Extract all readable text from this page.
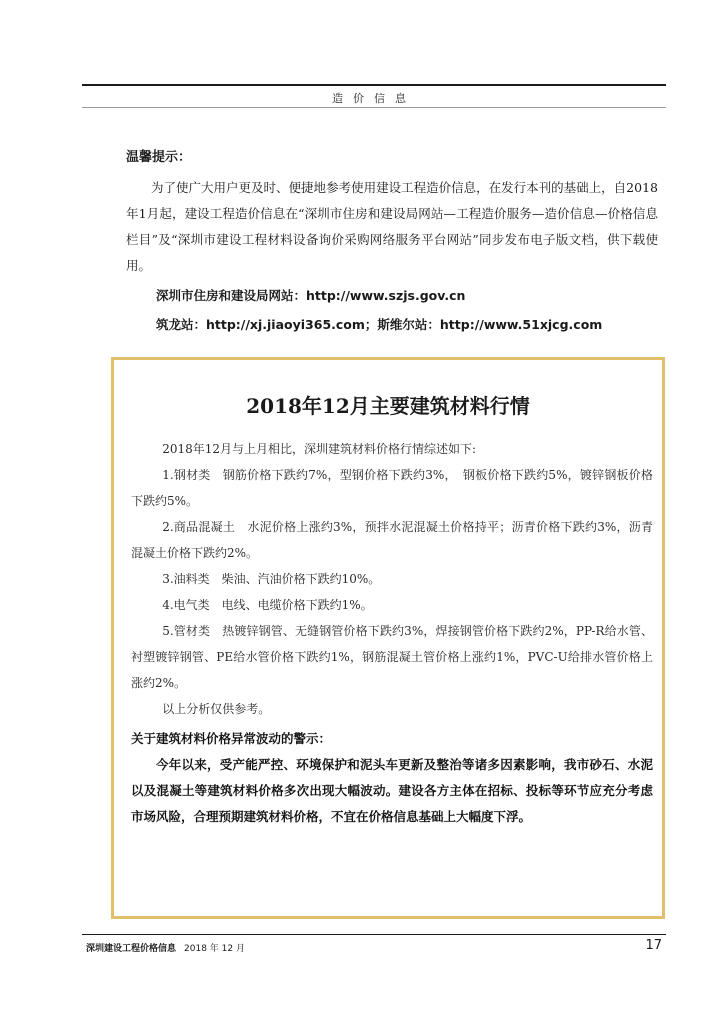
造价信息
温馨提示：

为了使广大用户更及时、便捷地参考使用建设工程造价信息，在发行本刊的基础上，自2018年1月起，建设工程造价信息在“深圳市住房和建设局网站—工程造价服务—造价信息—价格信息栏目”及“深圳市建设工程材料设备询价采购网络服务平台网站”同步发布电子版文档，供下载使用。

深圳市住房和建设局网站：http://www.szjs.gov.cn
筑龙站：http://xj.jiaoyi365.com；斯维尔站：http://www.51xjcg.com
2018年12月主要建筑材料行情

2018年12月与上月相比，深圳建筑材料价格行情综述如下:

1.钢材类　钢筋价格下跌约7%，型钢价格下跌约3%，　钢板价格下跌约5%，镀锌钢板价格下跌约5%。

2.商品混凝土　水泥价格上涨约3%，预拌水泥混凝土价格持平；沥青价格下跌约3%，沥青混凝土价格下跌约2%。

3.油料类　柴油、汽油价格下跌约10%。

4.电气类　电线、电缆价格下跌约1%。

5.管材类　热镀锌钢管、无缝钢管价格下跌约3%，焊接钢管价格下跌约2%，PP-R给水管、衬塑镀锌钢管、PE给水管价格下跌约1%，钢筋混凝土管价格上涨约1%，PVC-U给排水管价格上涨约2%。

以上分析仅供参考。

关于建筑材料价格异常波动的警示：

今年以来，受产能严控、环境保护和泥头车更新及整治等诸多因素影响，我市砂石、水泥以及混凝土等建筑材料价格多次出现大幅波动。建设各方主体在招标、投标等环节应充分考虑市场风险，合理预期建筑材料价格，不宜在价格信息基础上大幅度下浮。

深圳建设工程价格信息 2018 年 12 月	17
